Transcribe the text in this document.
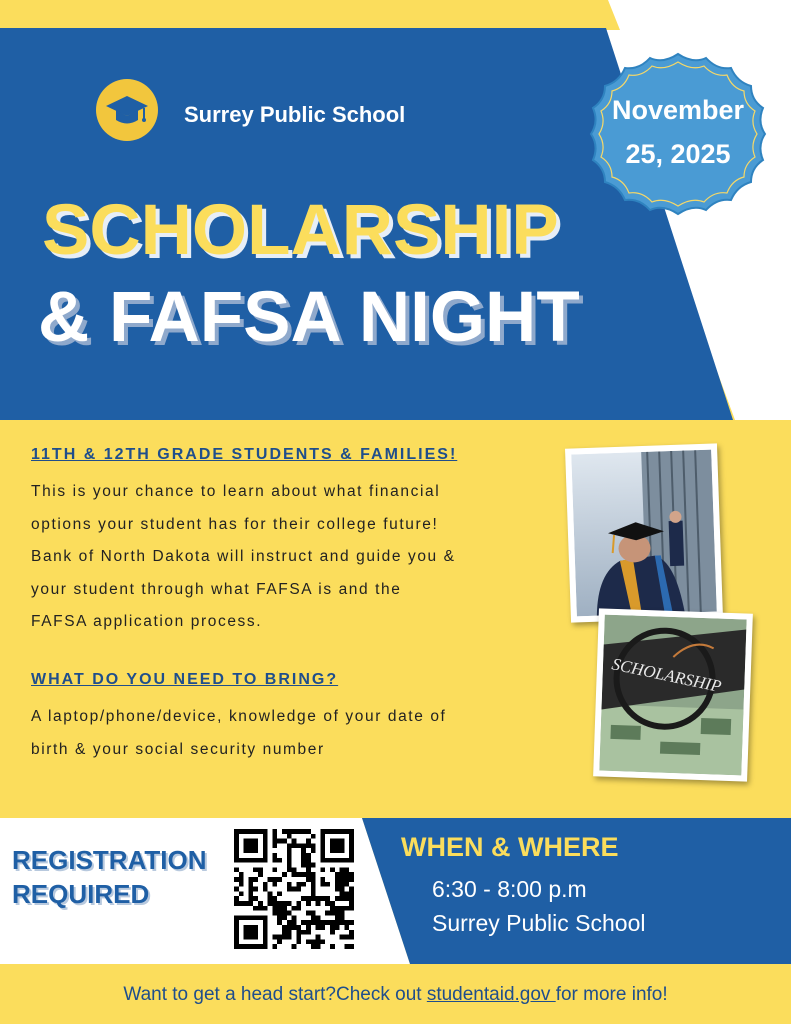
Surrey Public School	November
25, 2025
SCHOLARSHIP
& FAFSA NIGHT
11TH & 12TH GRADE STUDENTS & FAMILIES!
This is your chance to learn about what financial
options your student has for their college future!
Bank of North Dakota will instruct and guide you &
your student through what FAFSA is and the
FAFSA application process.
WHAT DO YOU NEED TO BRING?
A laptop/phone/device, knowledge of your date of
birth & your social security number
SCHOLARSHIP
REGISTRATION
REQUIRED
WHEN & WHERE
6:30 - 8:00 p.m
Surrey Public School
Want to get a head start?Check out studentaid.gov for more info!
